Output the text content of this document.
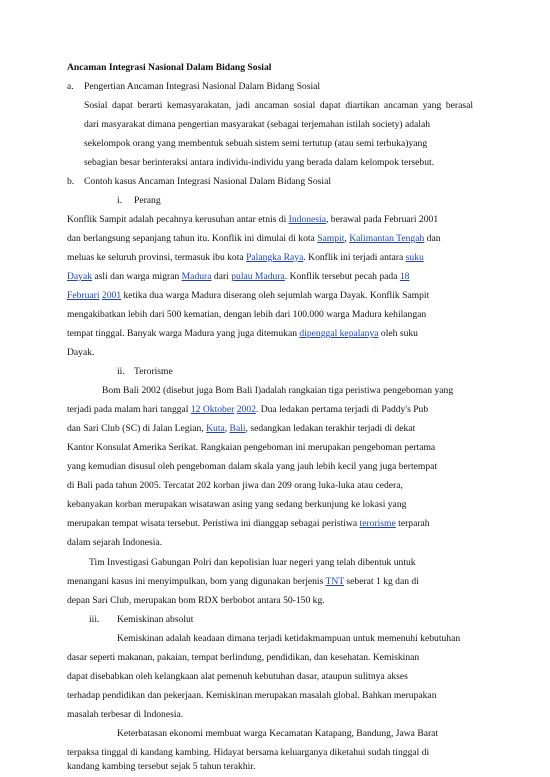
Ancaman Integrasi Nasional Dalam Bidang Sosial
a. Pengertian Ancaman Integrasi Nasional Dalam Bidang Sosial
Sosial dapat berarti kemasyarakatan, jadi ancaman sosial dapat diartikan ancaman yang berasal
dari masyarakat dimana pengertian masyarakat (sebagai terjemahan istilah society) adalah
sekelompok orang yang membentuk sebuah sistem semi tertutup (atau semi terbuka)yang
sebagian besar berinteraksi antara individu-individu yang berada dalam kelompok tersebut.
b. Contoh kasus Ancaman Integrasi Nasional Dalam Bidang Sosial
i. Perang
Konflik Sampit adalah pecahnya kerusuhan antar etnis di Indonesia, berawal pada Februari 2001
dan berlangsung sepanjang tahun itu. Konflik ini dimulai di kota Sampit, Kalimantan Tengah dan
meluas ke seluruh provinsi, termasuk ibu kota Palangka Raya. Konflik ini terjadi antara suku
Dayak asli dan warga migran Madura dari pulau Madura. Konflik tersebut pecah pada 18
Februari 2001 ketika dua warga Madura diserang oleh sejumlah warga Dayak. Konflik Sampit
mengakibatkan lebih dari 500 kematian, dengan lebih dari 100.000 warga Madura kehilangan
tempat tinggal. Banyak warga Madura yang juga ditemukan dipenggal kepalanya oleh suku
Dayak.
ii. Terorisme
Bom Bali 2002 (disebut juga Bom Bali I)adalah rangkaian tiga peristiwa pengeboman yang
terjadi pada malam hari tanggal 12 Oktober 2002. Dua ledakan pertama terjadi di Paddy's Pub
dan Sari Club (SC) di Jalan Legian, Kuta, Bali, sedangkan ledakan terakhir terjadi di dekat
Kantor Konsulat Amerika Serikat. Rangkaian pengeboman ini merupakan pengeboman pertama
yang kemudian disusul oleh pengeboman dalam skala yang jauh lebih kecil yang juga bertempat
di Bali pada tahun 2005. Tercatat 202 korban jiwa dan 209 orang luka-luka atau cedera,
kebanyakan korban merupakan wisatawan asing yang sedang berkunjung ke lokasi yang
merupakan tempat wisata tersebut. Peristiwa ini dianggap sebagai peristiwa terorisme terparah
dalam sejarah Indonesia.
Tim Investigasi Gabungan Polri dan kepolisian luar negeri yang telah dibentuk untuk
menangani kasus ini menyimpulkan, bom yang digunakan berjenis TNT seberat 1 kg dan di
depan Sari Club, merupakan bom RDX berbobot antara 50-150 kg.
iii. Kemiskinan absolut
Kemiskinan adalah keadaan dimana terjadi ketidakmampuan untuk memenuhi kebutuhan
dasar seperti makanan, pakaian, tempat berlindung, pendidikan, dan kesehatan. Kemiskinan
dapat disebabkan oleh kelangkaan alat pemenuh kebutuhan dasar, ataupun sulitnya akses
terhadap pendidikan dan pekerjaan. Kemiskinan merupakan masalah global. Bahkan merupakan
masalah terbesar di Indonesia.
Keterbatasan ekonomi membuat warga Kecamatan Katapang, Bandung, Jawa Barat
terpaksa tinggal di kandang kambing. Hidayat bersama keluarganya diketahui sudah tinggal di
kandang kambing tersebut sejak 5 tahun terakhir.
